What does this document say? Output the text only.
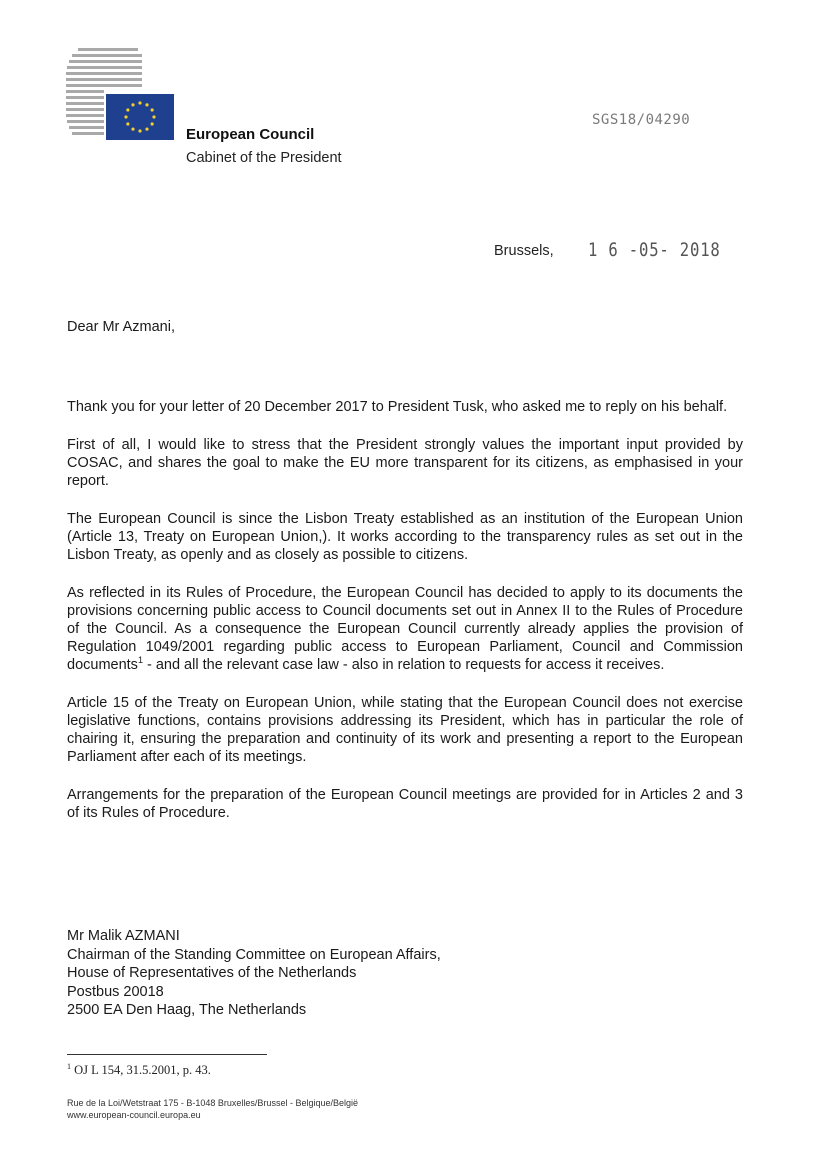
European Council
Cabinet of the President
SGS18/04290
Brussels, 1 6 -05- 2018
Dear Mr Azmani,

Thank you for your letter of 20 December 2017 to President Tusk, who asked me to reply on his behalf.

First of all, I would like to stress that the President strongly values the important input provided by COSAC, and shares the goal to make the EU more transparent for its citizens, as emphasised in your report.

The European Council is since the Lisbon Treaty established as an institution of the European Union (Article 13, Treaty on European Union,). It works according to the transparency rules as set out in the Lisbon Treaty, as openly and as closely as possible to citizens.

As reflected in its Rules of Procedure, the European Council has decided to apply to its documents the provisions concerning public access to Council documents set out in Annex II to the Rules of Procedure of the Council. As a consequence the European Council currently already applies the provision of Regulation 1049/2001 regarding public access to European Parliament, Council and Commission documents$^1$ - and all the relevant case law - also in relation to requests for access it receives.

Article 15 of the Treaty on European Union, while stating that the European Council does not exercise legislative functions, contains provisions addressing its President, which has in particular the role of chairing it, ensuring the preparation and continuity of its work and presenting a report to the European Parliament after each of its meetings.

Arrangements for the preparation of the European Council meetings are provided for in Articles 2 and 3 of its Rules of Procedure.

Mr Malik AZMANI
Chairman of the Standing Committee on European Affairs,
House of Representatives of the Netherlands
Postbus 20018
2500 EA Den Haag, The Netherlands
$^1$ OJ L 154, 31.5.2001, p. 43.
Rue de la Loi/Wetstraat 175 - B-1048 Bruxelles/Brussel - Belgique/België
www.european-council.europa.eu
